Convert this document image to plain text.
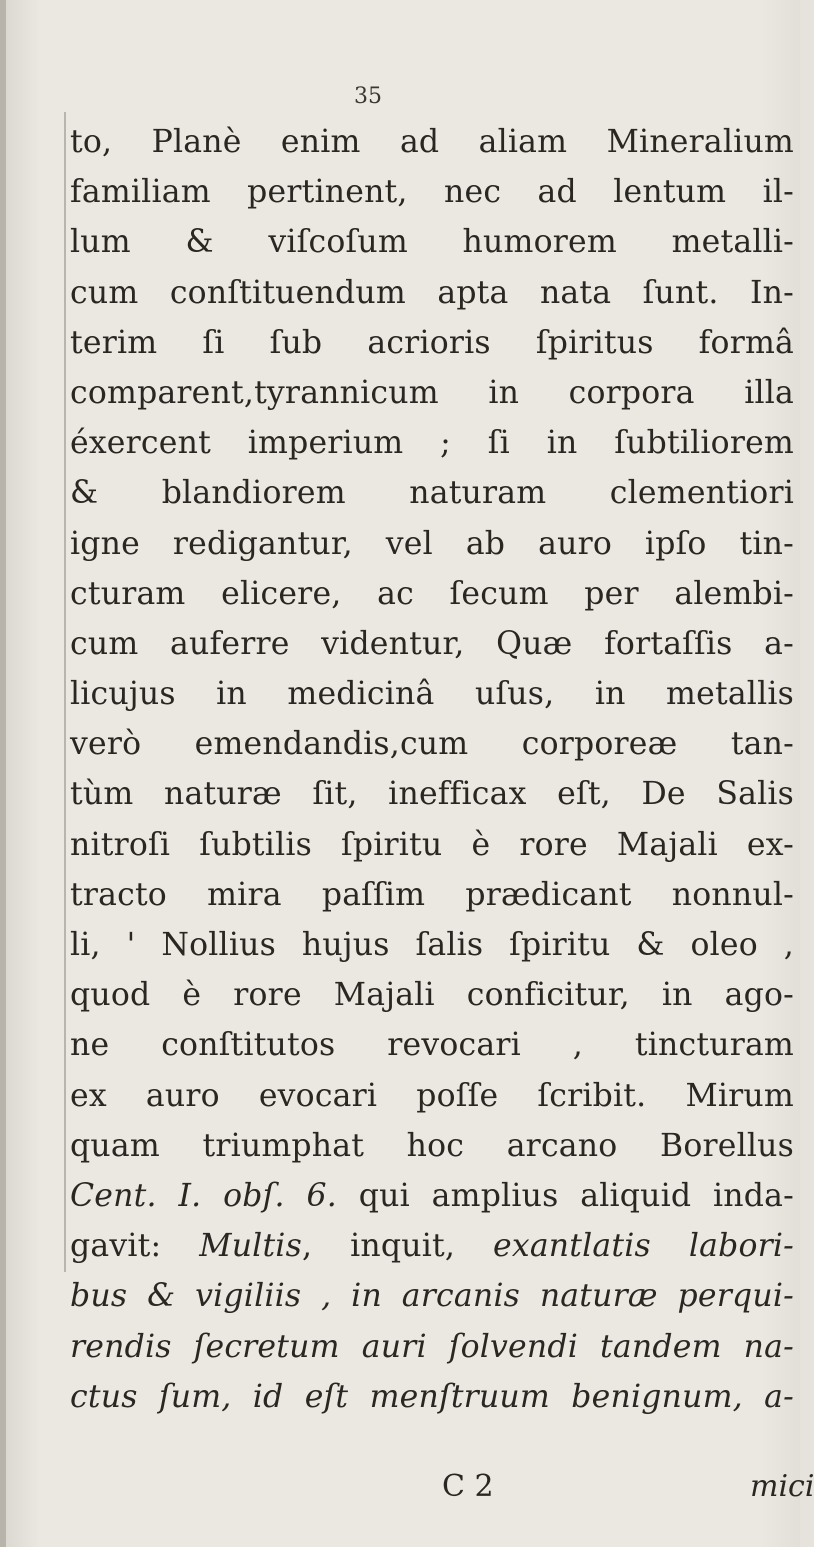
35
to, Planè enim ad aliam Mineralium
familiam pertinent, nec ad lentum il-
lum & viſcoſum humorem metalli-
cum conſtituendum apta nata ſunt. In-
terim ſi ſub acrioris ſpiritus formâ
comparent,tyrannicum in corpora illa
éxercent imperium ; ſi in ſubtiliorem
& blandiorem naturam clementiori
igne redigantur, vel ab auro ipſo tin-
cturam elicere, ac ſecum per alembi-
cum auferre videntur, Quæ fortaſſis a-
licujus in medicinâ uſus, in metallis
verò emendandis,cum corporeæ tan-
tùm naturæ ſit, inefficax eſt, De Salis
nitroſi ſubtilis ſpiritu è rore Majali ex-
tracto mira paſſim prædicant nonnul-
li, ' Nollius hujus ſalis ſpiritu & oleo ,
quod è rore Majali conficitur, in ago-
ne conſtitutos revocari , tincturam
ex auro evocari poſſe ſcribit. Mirum
quam triumphat hoc arcano Borellus
Cent. I. obſ. 6. qui amplius aliquid inda-
gavit: Multis, inquit, exantlatis labori-
bus & vigiliis , in arcanis naturæ perqui-
rendis ſecretum auri ſolvendi tandem na-
ctus ſum, id eſt menſtruum benignum, a-
C 2	mici
